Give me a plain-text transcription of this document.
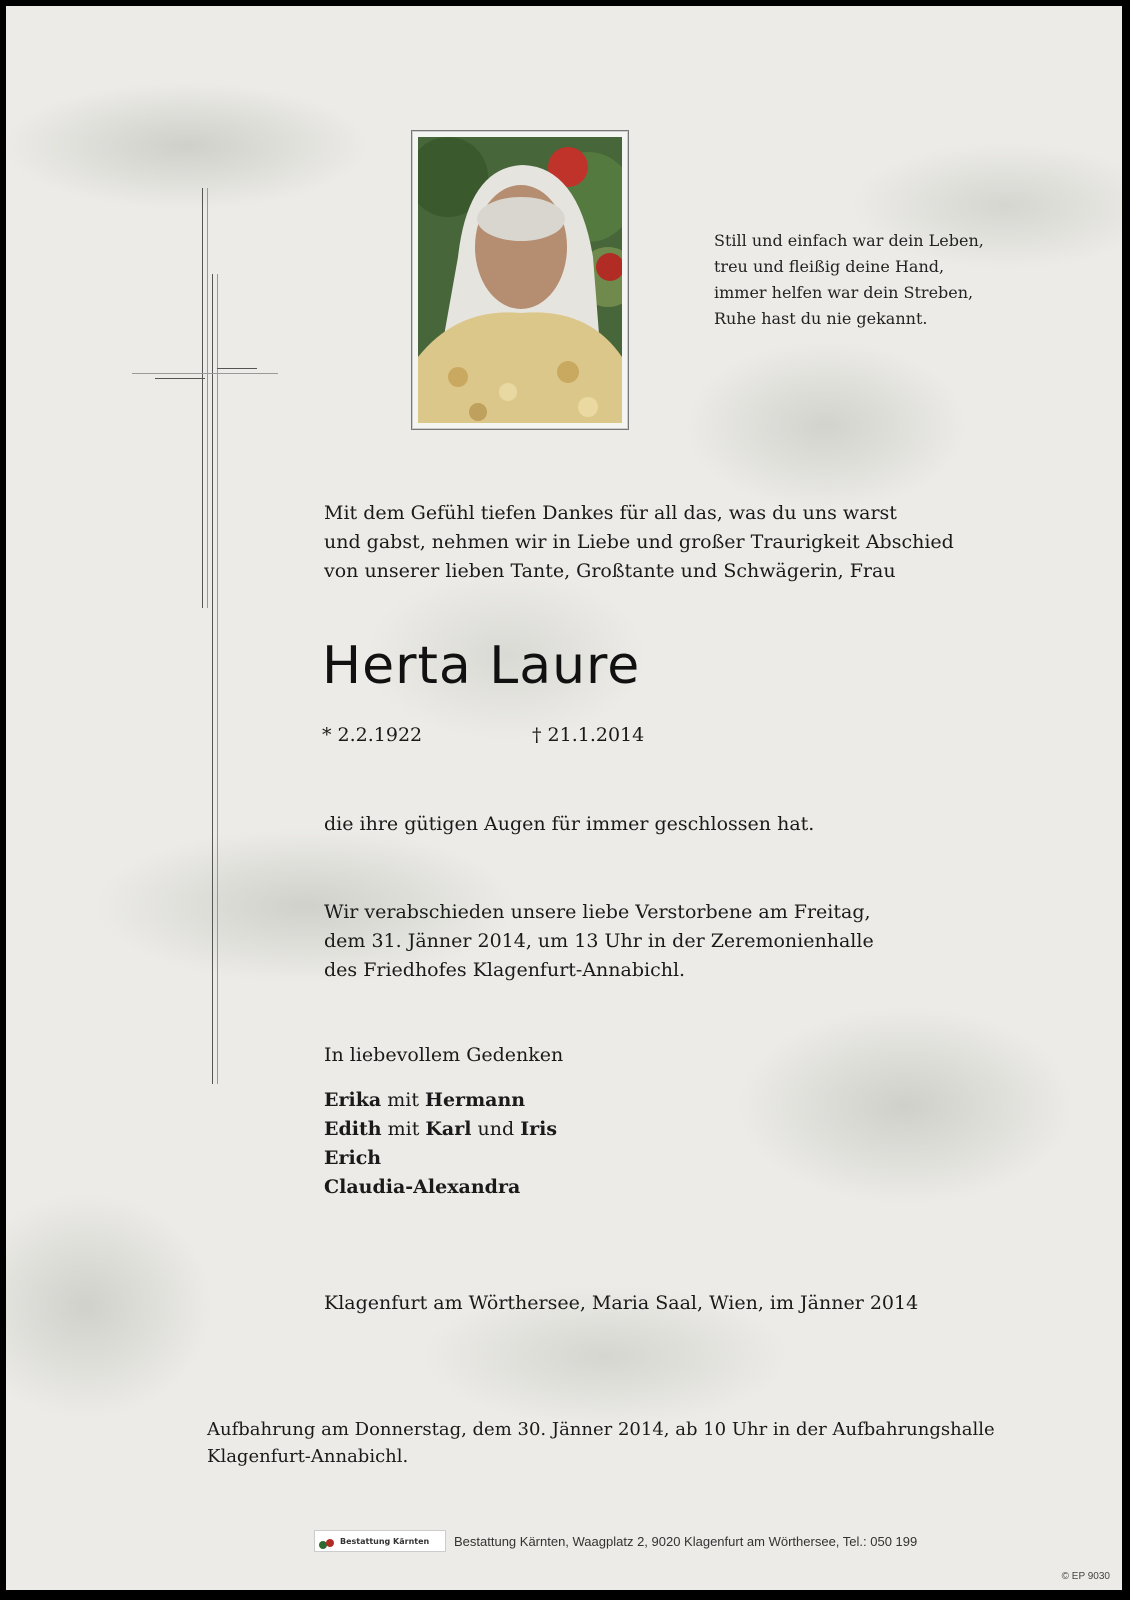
Still und einfach war dein Leben,
treu und fleißig deine Hand,
immer helfen war dein Streben,
Ruhe hast du nie gekannt.
Mit dem Gefühl tiefen Dankes für all das, was du uns warst
und gabst, nehmen wir in Liebe und großer Traurigkeit Abschied
von unserer lieben Tante, Großtante und Schwägerin, Frau
Herta Laure
* 2.2.1922	† 21.1.2014
die ihre gütigen Augen für immer geschlossen hat.
Wir verabschieden unsere liebe Verstorbene am Freitag,
dem 31. Jänner 2014, um 13 Uhr in der Zeremonienhalle
des Friedhofes Klagenfurt-Annabichl.
In liebevollem Gedenken
Erika mit Hermann
Edith mit Karl und Iris
Erich
Claudia-Alexandra
Klagenfurt am Wörthersee, Maria Saal, Wien, im Jänner 2014
Aufbahrung am Donnerstag, dem 30. Jänner 2014, ab 10 Uhr in der Aufbahrungshalle
Klagenfurt-Annabichl.
Bestattung Kärnten Bestattung Kärnten, Waagplatz 2, 9020 Klagenfurt am Wörthersee, Tel.: 050 199
© EP 9030
